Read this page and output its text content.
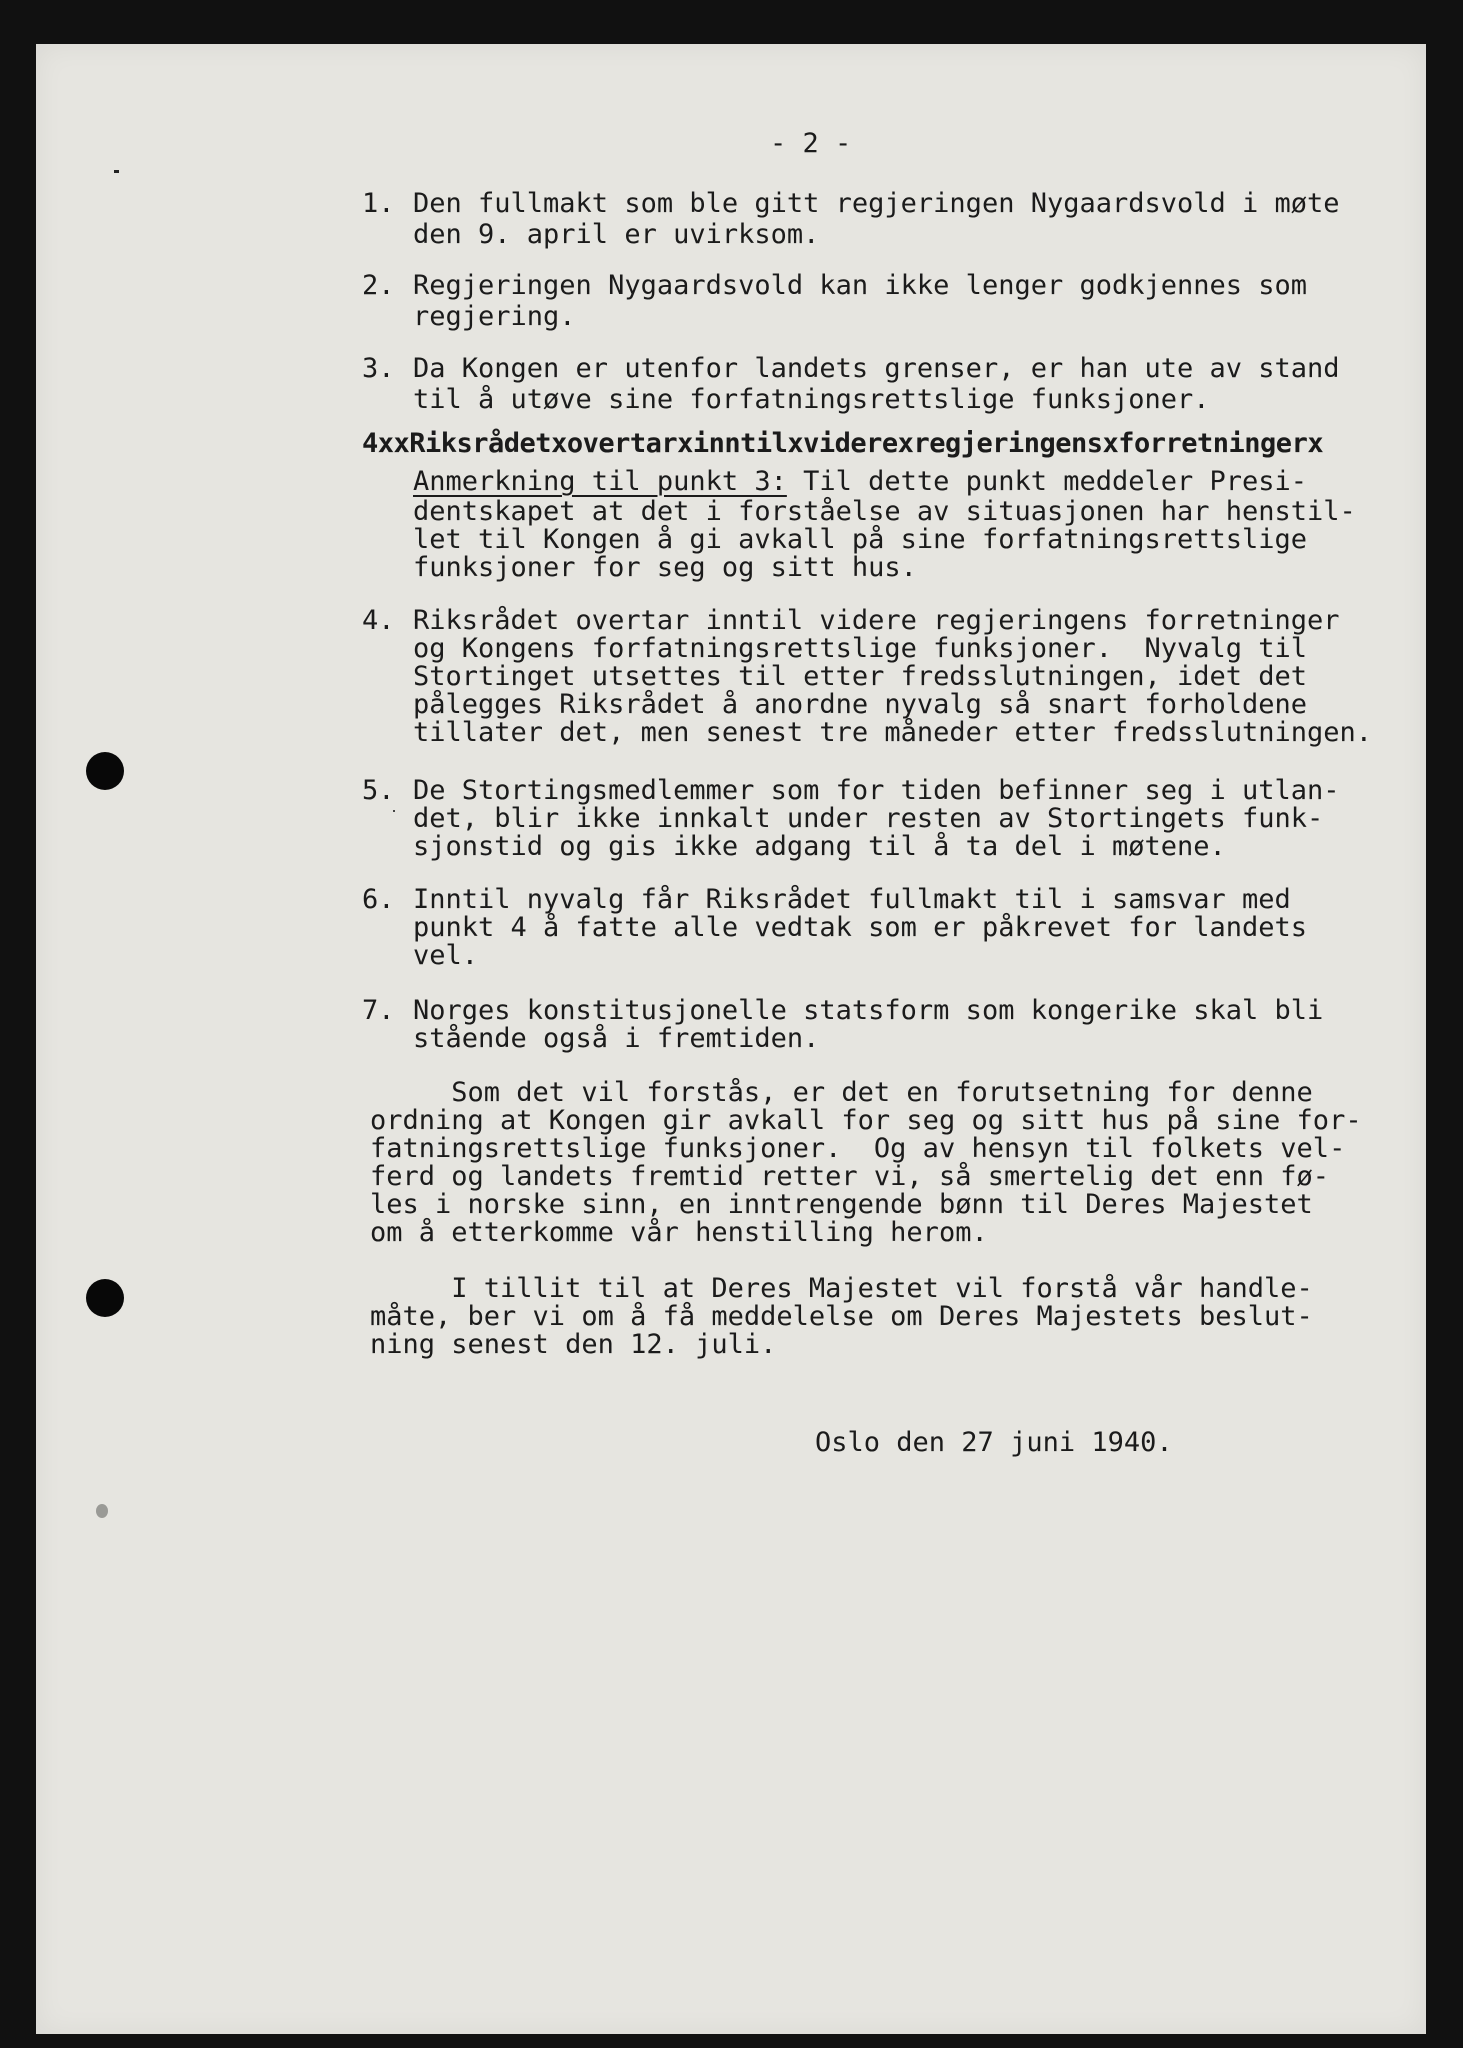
- 2 -
1. Den fullmakt som ble gitt regjeringen Nygaardsvold i møte
den 9. april er uvirksom.
2. Regjeringen Nygaardsvold kan ikke lenger godkjennes som
regjering.
3. Da Kongen er utenfor landets grenser, er han ute av stand
til å utøve sine forfatningsrettslige funksjoner.
4xxRiksrådetxovertarxinntilxviderexregjeringensxforretningerx
Anmerkning til punkt 3: Til dette punkt meddeler Presi-
dentskapet at det i forståelse av situasjonen har henstil-
let til Kongen å gi avkall på sine forfatningsrettslige
funksjoner for seg og sitt hus.
4. Riksrådet overtar inntil videre regjeringens forretninger
og Kongens forfatningsrettslige funksjoner.  Nyvalg til
Stortinget utsettes til etter fredsslutningen, idet det
pålegges Riksrådet å anordne nyvalg så snart forholdene
tillater det, men senest tre måneder etter fredsslutningen.
5. De Stortingsmedlemmer som for tiden befinner seg i utlan-
det, blir ikke innkalt under resten av Stortingets funk-
sjonstid og gis ikke adgang til å ta del i møtene.
6. Inntil nyvalg får Riksrådet fullmakt til i samsvar med
punkt 4 å fatte alle vedtak som er påkrevet for landets
vel.
7. Norges konstitusjonelle statsform som kongerike skal bli
stående også i fremtiden.
Som det vil forstås, er det en forutsetning for denne
ordning at Kongen gir avkall for seg og sitt hus på sine for-
fatningsrettslige funksjoner.  Og av hensyn til folkets vel-
ferd og landets fremtid retter vi, så smertelig det enn fø-
les i norske sinn, en inntrengende bønn til Deres Majestet
om å etterkomme vår henstilling herom.
I tillit til at Deres Majestet vil forstå vår handle-
måte, ber vi om å få meddelelse om Deres Majestets beslut-
ning senest den 12. juli.
Oslo den 27 juni 1940.
